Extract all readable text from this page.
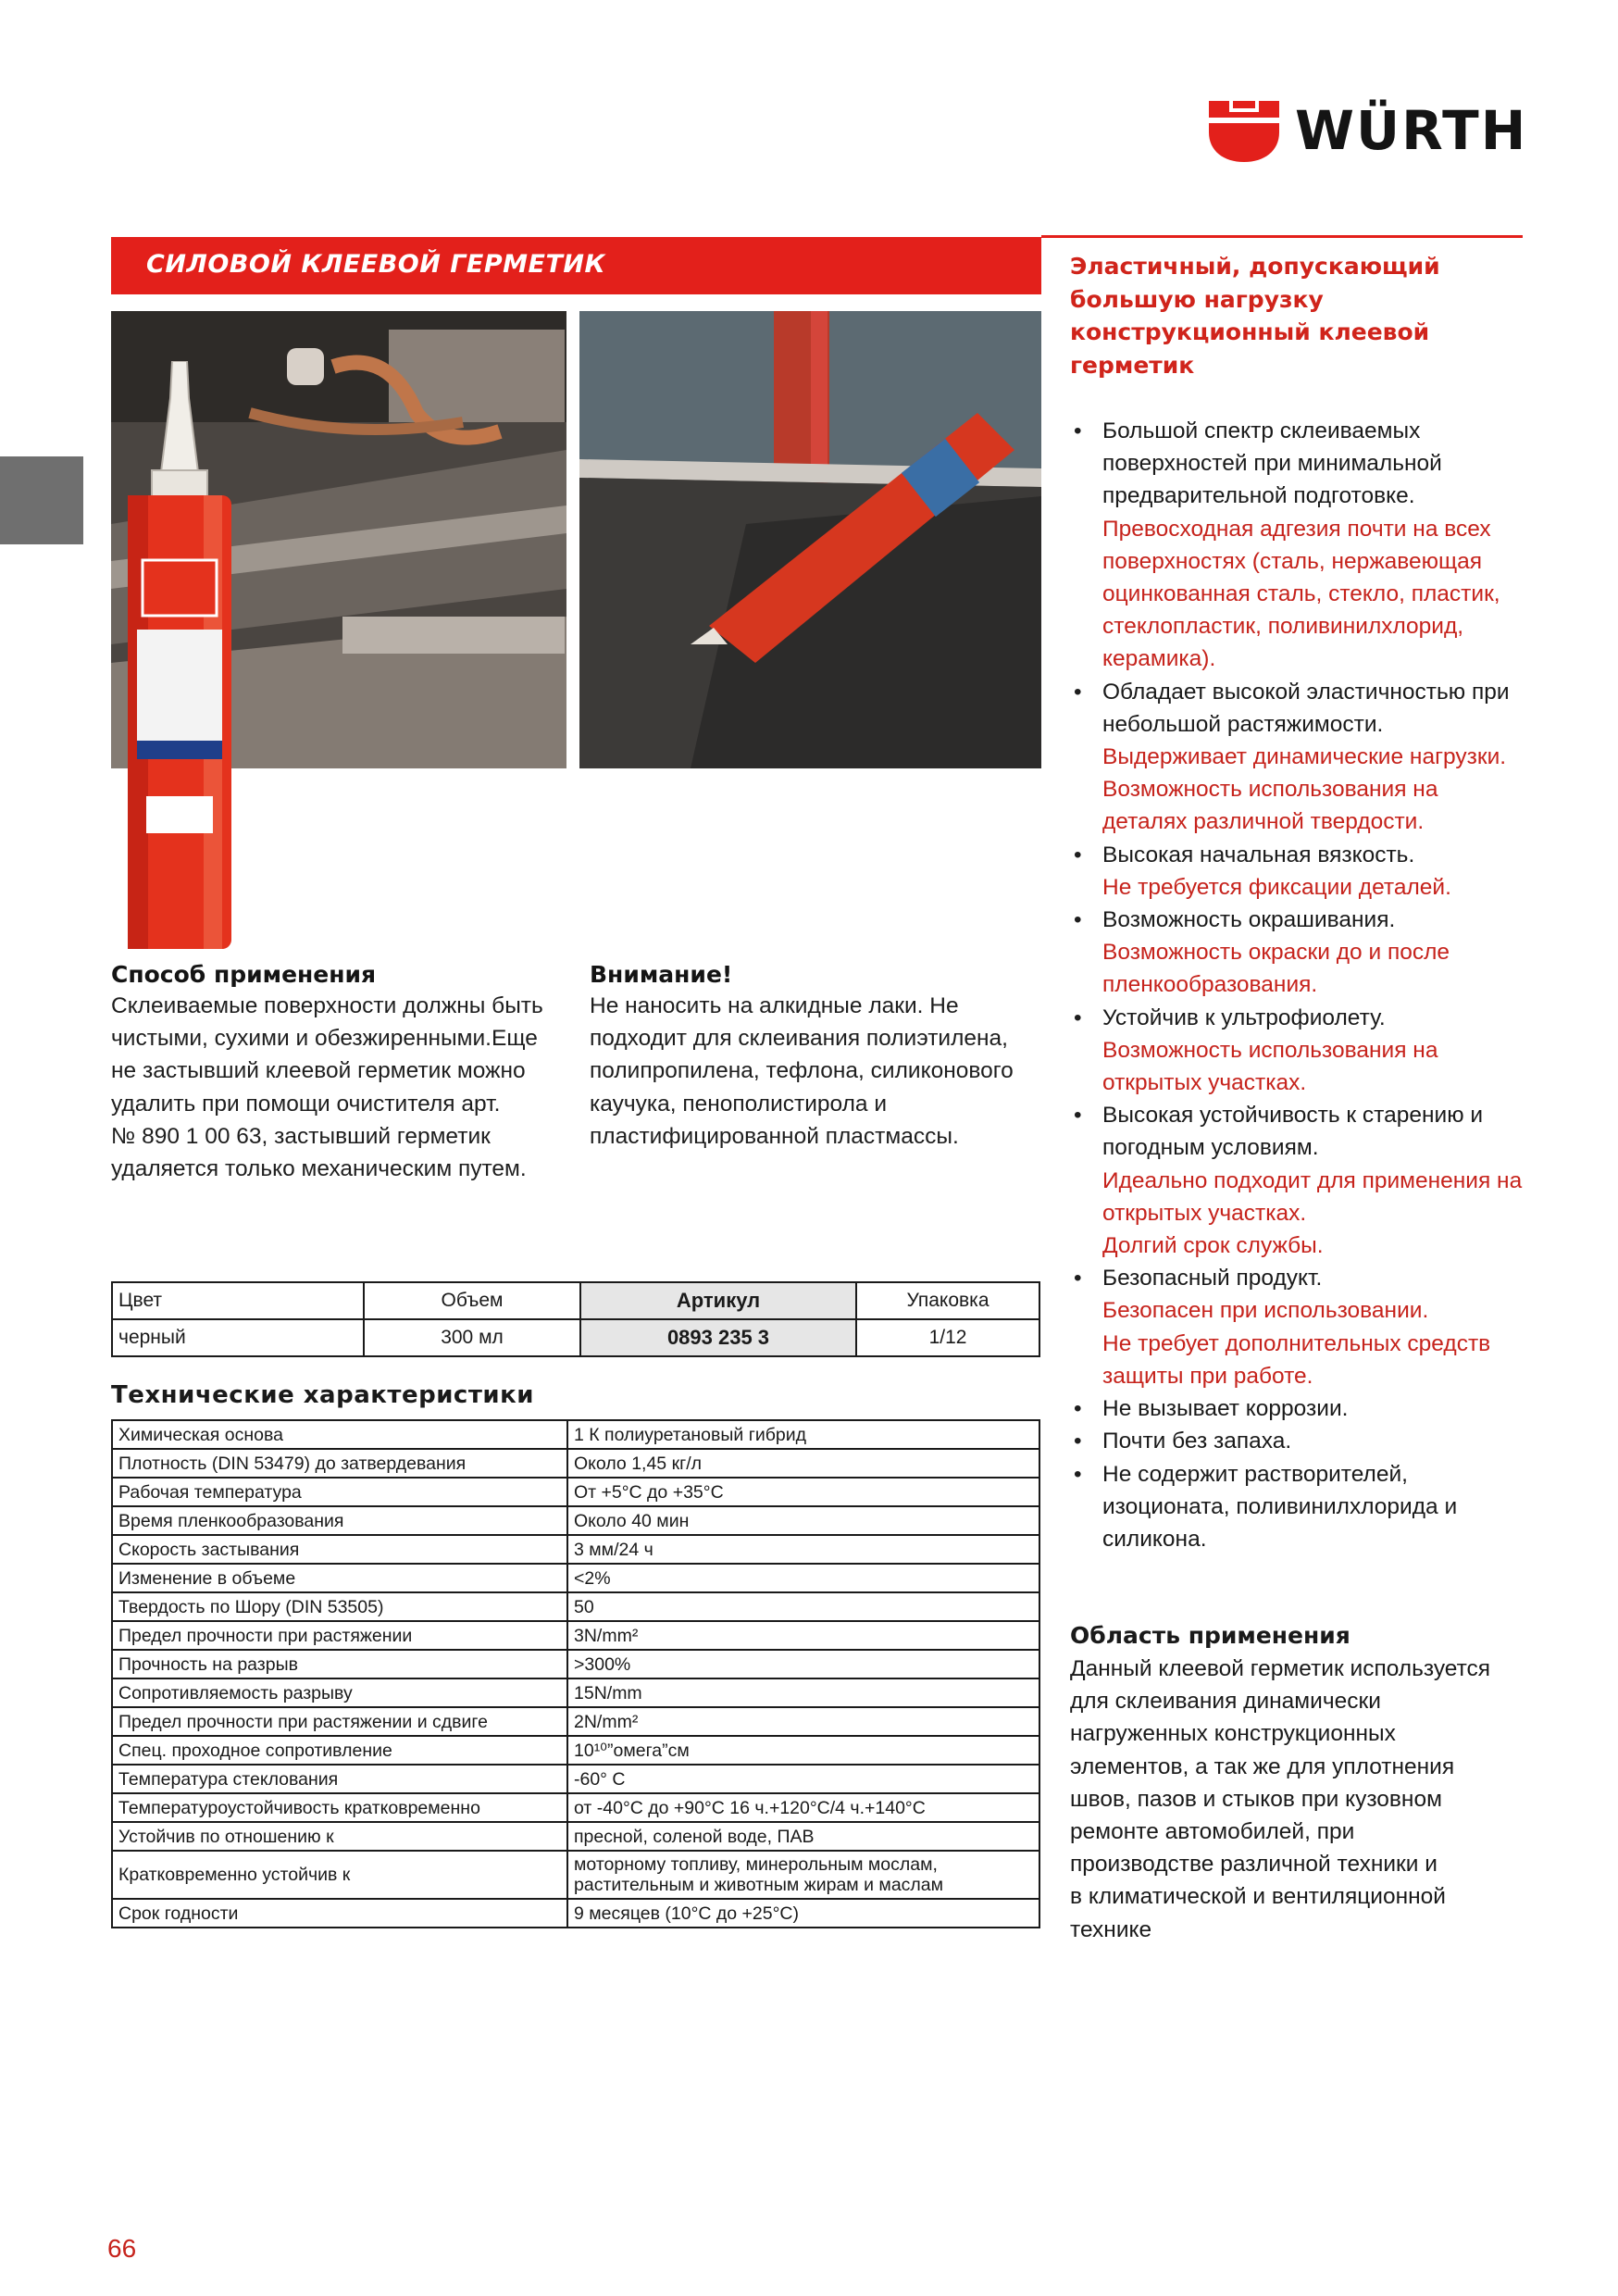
WÜRTH
СИЛОВОЙ КЛЕЕВОЙ ГЕРМЕТИК
Способ применения
Склеиваемые поверхности должны быть
чистыми, сухими и обезжиренными.Еще
не застывший клеевой герметик можно
удалить при помощи очистителя арт.
№ 890 1 00 63, застывший герметик
удаляется только механическим путем.
Внимание!
Не наносить на алкидные лаки. Не
подходит для склеивания полиэтилена,
полипропилена, тефлона, силиконового
каучука, пенополистирола и
пластифицированной пластмассы.
Цвет	Объем	Артикул	Упаковка
черный	300 мл	0893 235 3	1/12
Технические характеристики
Химическая основа	1 К полиуретановый гибрид
Плотность (DIN 53479) до затвердевания	Около 1,45 кг/л
Рабочая температура	От +5°С до +35°С
Время пленкообразования	Около 40 мин
Скорость застывания	3 мм/24 ч
Изменение в объеме	<2%
Твердость по Шору (DIN 53505)	50
Предел прочности при растяжении	3N/mm²
Прочность на разрыв	>300%
Сопротивляемость разрыву	15N/mm
Предел прочности при растяжении и сдвиге	2N/mm²
Спец. проходное сопротивление	10¹⁰”омега”см
Температура стеклования	-60° С
Температуроустойчивость кратковременно	от -40°С до +90°С 16 ч.+120°С/4 ч.+140°С
Устойчив по отношению к	пресной, соленой воде, ПАВ
Кратковременно устойчив к	моторному топливу, минерольным мослам,
растительным и животным жирам и маслам

Срок годности	9 месяцев (10°С до +25°С)
Эластичный, допускающий
большую нагрузку
конструкционный клеевой
герметик
• Большой спектр склеиваемых поверхностей при минимальной предварительной подготовке.
Превосходная адгезия почти на всех поверхностях (сталь, нержавеющая оцинкованная сталь, стекло, пластик, стеклопластик, поливинилхлорид, керамика).
• Обладает высокой эластичностью при небольшой растяжимости.
Выдерживает динамические нагрузки.
Возможность использования на деталях различной твердости.
• Высокая начальная вязкость.
Не требуется фиксации деталей.
• Возможность окрашивания.
Возможность окраски до и после пленкообразования.
• Устойчив к ультрофиолету.
Возможность использования на открытых участках.
• Высокая устойчивость к старению и погодным условиям.
Идеально подходит для применения на открытых участках.
Долгий срок службы.
• Безопасный продукт.
Безопасен при использовании.
Не требует дополнительных средств защиты при работе.
• Не вызывает коррозии.
• Почти без запаха.
• Не содержит растворителей, изоционата, поливинилхлорида и силикона.
Область применения
Данный клеевой герметик используется
для склеивания динамически
нагруженных конструкционных
элементов, а так же для уплотнения
швов, пазов и стыков при кузовном
ремонте автомобилей, при
производстве различной техники и
в климатической и вентиляционной
технике
66
